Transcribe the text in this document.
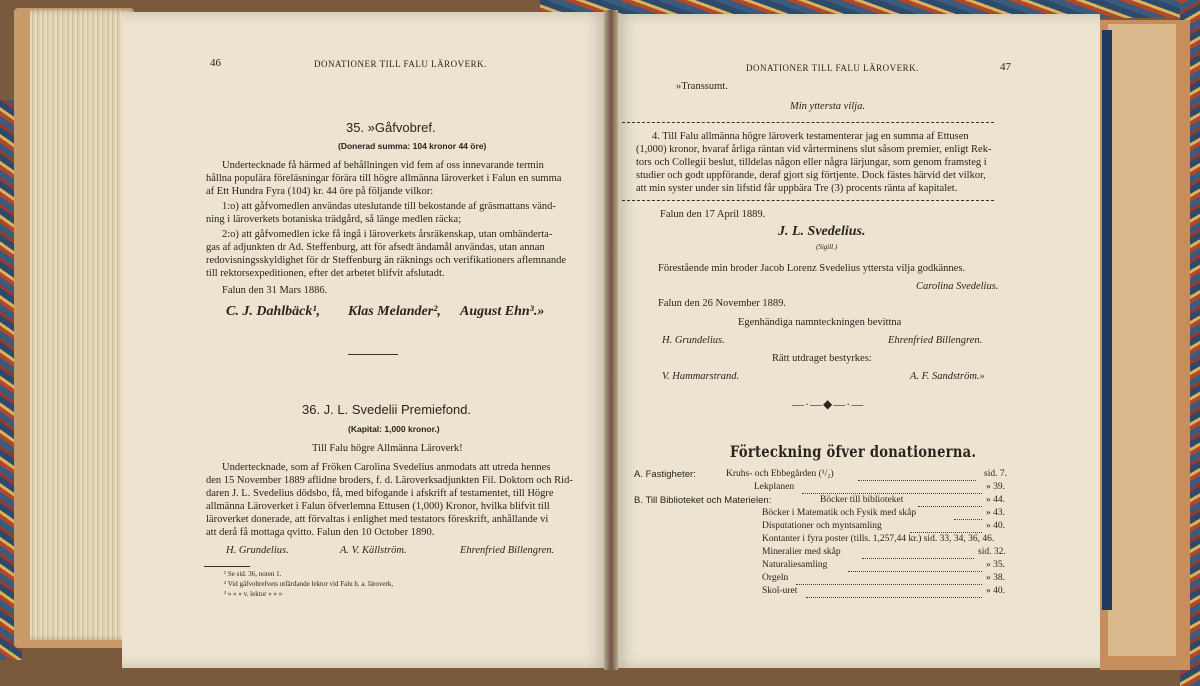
46	DONATIONER TILL FALU LÄROVERK.
35. »Gåfvobref.
(Donerad summa: 104 kronor 44 öre)
Undertecknade få härmed af behållningen vid fem af oss innevarande termin
hållna populära föreläsningar förära till högre allmänna läroverket i Falun en summa
af Ett Hundra Fyra (104) kr. 44 öre på följande vilkor:
1:o) att gåfvomedlen användas uteslutande till bekostande af gräsmattans vänd-
ning i läroverkets botaniska trädgård, så länge medlen räcka;
2:o) att gåfvomedlen icke få ingå i läroverkets årsräkenskap, utan omhänderta-
gas af adjunkten dr Ad. Steffenburg, att för afsedt ändamål användas, utan annan
redovisningsskyldighet för dr Steffenburg än räknings och verifikationers aflemnande
till rektorsexpeditionen, efter det arbetet blifvit afslutadt.
Falun den 31 Mars 1886.
C. J. Dahlbäck¹, Klas Melander², August Ehn³.»
36. J. L. Svedelii Premiefond.
(Kapital: 1,000 kronor.)
Till Falu högre Allmänna Läroverk!
Undertecknade, som af Fröken Carolina Svedelius anmodats att utreda hennes
den 15 November 1889 aflidne broders, f. d. Läroverksadjunkten Fil. Doktorn och Rid-
daren J. L. Svedelius dödsbo, få, med bifogande i afskrift af testamentet, till Högre
allmänna Läroverket i Falun öfverlemna Ettusen (1,000) Kronor, hvilka blifvit till
läroverket donerade, att förvaltas i enlighet med testators föreskrift, anhållande vi
att derå få mottaga qvitto. Falun den 10 October 1890.
H. Grundelius.	A. V. Källström.	Ehrenfried Billengren.
¹ Se sid. 36, noten 1.
² Vid gåfvobrefvets utfärdande lektor vid Falu h. a. läroverk,
³ » » » v. lektor » » »
DONATIONER TILL FALU LÄROVERK.	47
»Transsumt.
Min yttersta vilja.
4. Till Falu allmänna högre läroverk testamenterar jag en summa af Ettusen
(1,000) kronor, hvaraf årliga räntan vid vårterminens slut såsom premier, enligt Rek-
tors och Collegii beslut, tilldelas någon eller några lärjungar, som genom framsteg i
studier och godt uppförande, deraf gjort sig förtjente. Dock fästes härvid det vilkor,
att min syster under sin lifstid får uppbära Tre (3) procents ränta af kapitalet.
Falun den 17 April 1889.
J. L. Svedelius.
(Sigill.)
Förestående min broder Jacob Lorenz Svedelius yttersta vilja godkännes.
Carolina Svedelius.
Falun den 26 November 1889.
Egenhändiga namnteckningen bevittna
H. Grundelius.	Ehrenfried Billengren.
Rätt utdraget bestyrkes:
V. Hammarstrand.	A. F. Sandström.»
—·—◆—·—
Förteckning öfver donationerna.
A. Fastigheter:	Kruhs- och Ebbegården (¹/₂)	sid. 7.
Lekplanen	» 39.
B. Till Biblioteket och Materielen:	Böcker till biblioteket	» 44.
Böcker i Matematik och Fysik med skåp	» 43.
Disputationer och myntsamling	» 40.
Kontanter i fyra poster (tills. 1,257,44 kr.) sid. 33, 34, 36, 46.
Mineralier med skåp	sid. 32.
Naturaliesamling	» 35.
Orgeln	» 38.
Skol-uret	» 40.
